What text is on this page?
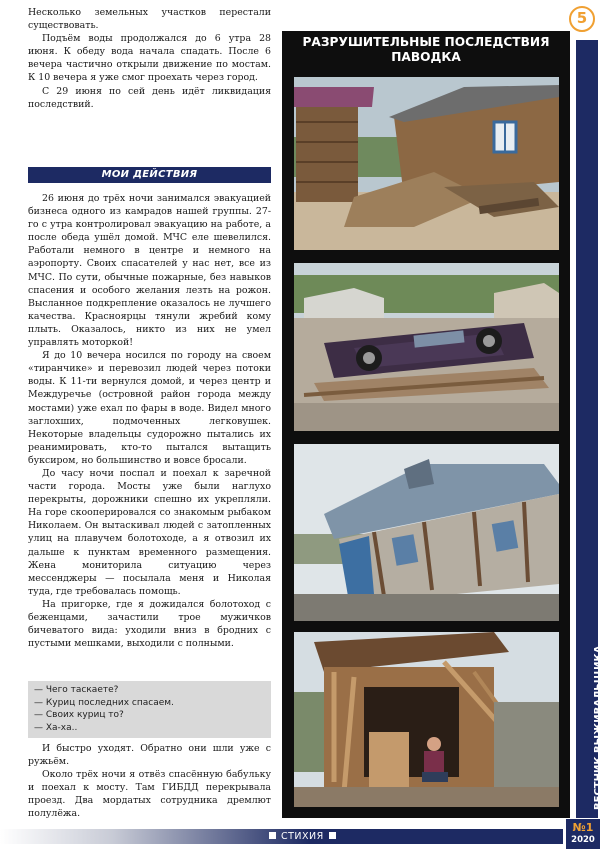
5

Несколько земельных участков перестали существовать.

Подъём воды продолжался до 6 утра 28 июня. К обеду вода начала спадать. После 6 вечера частично открыли движение по мостам. К 10 вечера я уже смог проехать через город.

С 29 июня по сей день идёт ликвидация последствий.

МОИ ДЕЙСТВИЯ

26 июня до трёх ночи занимался эвакуацией бизнеса одного из камрадов нашей группы. 27-го с утра контролировал эвакуацию на работе, а после обеда ушёл домой. МЧС еле шевелился. Работали немного в центре и немного на аэропорту. Своих спасателей у нас нет, все из МЧС. По сути, обычные пожарные, без навыков спасения и особого желания лезть на рожон. Высланное подкрепление оказалось не лучшего качества. Красноярцы тянули жребий кому плыть. Оказалось, никто из них не умел управлять моторкой!

Я до 10 вечера носился по городу на своем «тиранчике» и перевозил людей через потоки воды. К 11-ти вернулся домой, и через центр и Междуречье (островной район города между мостами) уже ехал по фары в воде. Видел много заглохших, подмоченных легковушек. Некоторые владельцы судорожно пытались их реанимировать, кто-то пытался вытащить буксиром, но большинство и вовсе бросали.

До часу ночи поспал и поехал к заречной части города. Мосты уже были наглухо перекрыты, дорожники спешно их укрепляли. На горе скооперировался со знакомым рыбаком Николаем. Он вытаскивал людей с затопленных улиц на плавучем болотоходе, а я отвозил их дальше к пунктам временного размещения. Жена мониторила ситуацию через мессенджеры — посылала меня и Николая туда, где требовалась помощь.

На пригорке, где я дожидался болотоход с беженцами, зачастили трое мужичков бичеватого вида: уходили вниз в бродних с пустыми мешками, выходили с полными.

— Чего таскаете?
— Куриц последних спасаем.
— Своих куриц то?
— Ха-ха..

И быстро уходят. Обратно они шли уже с ружьём.

Около трёх ночи я отвёз спасённую бабульку и поехал к мосту. Там ГИБДД перекрывала проезд. Два мордатых сотрудника дремлют полулёжа.

РАЗРУШИТЕЛЬНЫЕ ПОСЛЕДСТВИЯ
ПАВОДКА
ВЕСТНИК ВЫЖИВАЛЬЩИКА
СТИХИЯ
№1
2020
